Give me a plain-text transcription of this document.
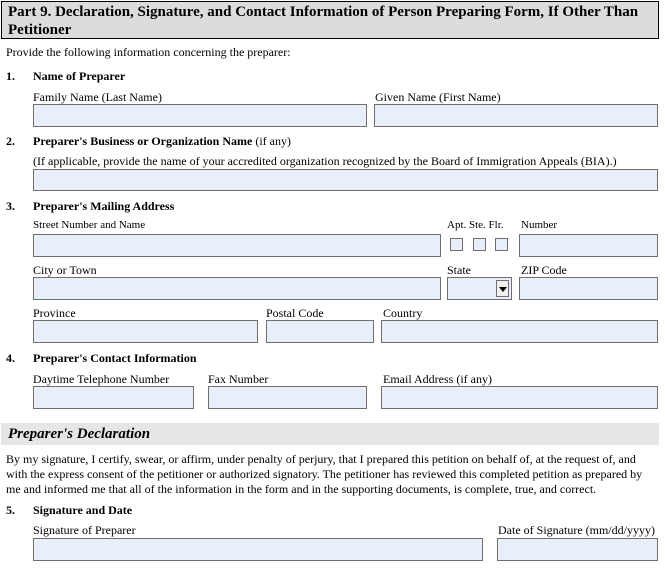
Part 9. Declaration, Signature, and Contact Information of Person Preparing Form, If Other Than
Petitioner
Provide the following information concerning the preparer:
1. Name of Preparer
Family Name (Last Name)	Given Name (First Name)
2. Preparer's Business or Organization Name (if any)
(If applicable, provide the name of your accredited organization recognized by the Board of Immigration Appeals (BIA).)
3. Preparer's Mailing Address
Street Number and Name	Apt. Ste. Flr. Number
City or Town	State	ZIP Code
Province	Postal Code	Country
4. Preparer's Contact Information
Daytime Telephone Number	Fax Number	Email Address (if any)
Preparer's Declaration
By my signature, I certify, swear, or affirm, under penalty of perjury, that I prepared this petition on behalf of, at the request of, and with the express consent of the petitioner or authorized signatory. The petitioner has reviewed this completed petition as prepared by me and informed me that all of the information in the form and in the supporting documents, is complete, true, and correct.
5. Signature and Date
Signature of Preparer	Date of Signature (mm/dd/yyyy)
